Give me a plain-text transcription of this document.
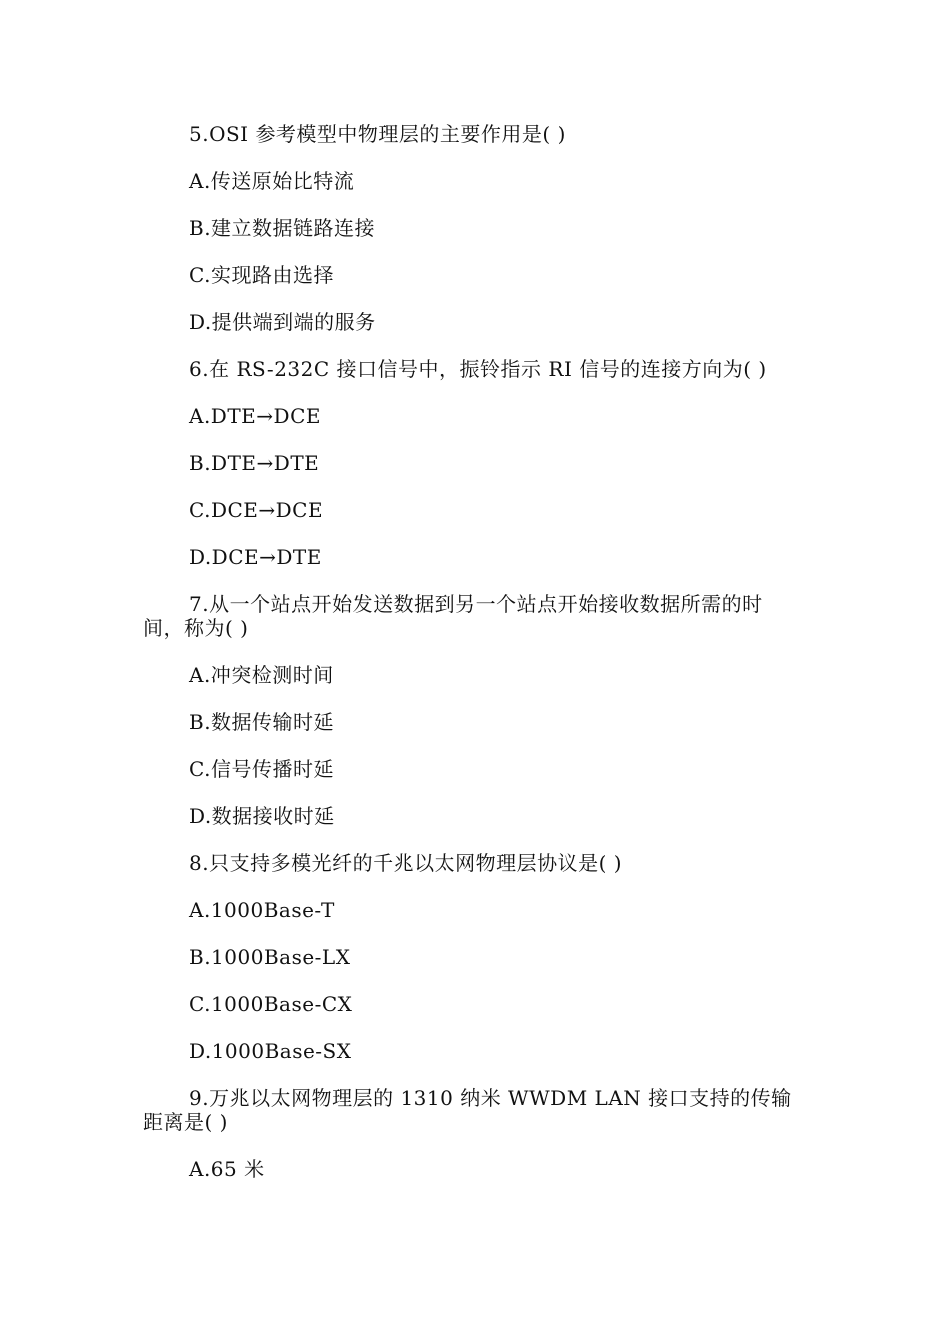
5.OSI 参考模型中物理层的主要作用是( )
A.传送原始比特流
B.建立数据链路连接
C.实现路由选择
D.提供端到端的服务
6.在 RS-232C 接口信号中，振铃指示 RI 信号的连接方向为( )
A.DTE→DCE
B.DTE→DTE
C.DCE→DCE
D.DCE→DTE
7.从一个站点开始发送数据到另一个站点开始接收数据所需的时间，称为( )
A.冲突检测时间
B.数据传输时延
C.信号传播时延
D.数据接收时延
8.只支持多模光纤的千兆以太网物理层协议是( )
A.1000Base-T
B.1000Base-LX
C.1000Base-CX
D.1000Base-SX
9.万兆以太网物理层的 1310 纳米 WWDM LAN 接口支持的传输距离是( )
A.65 米
